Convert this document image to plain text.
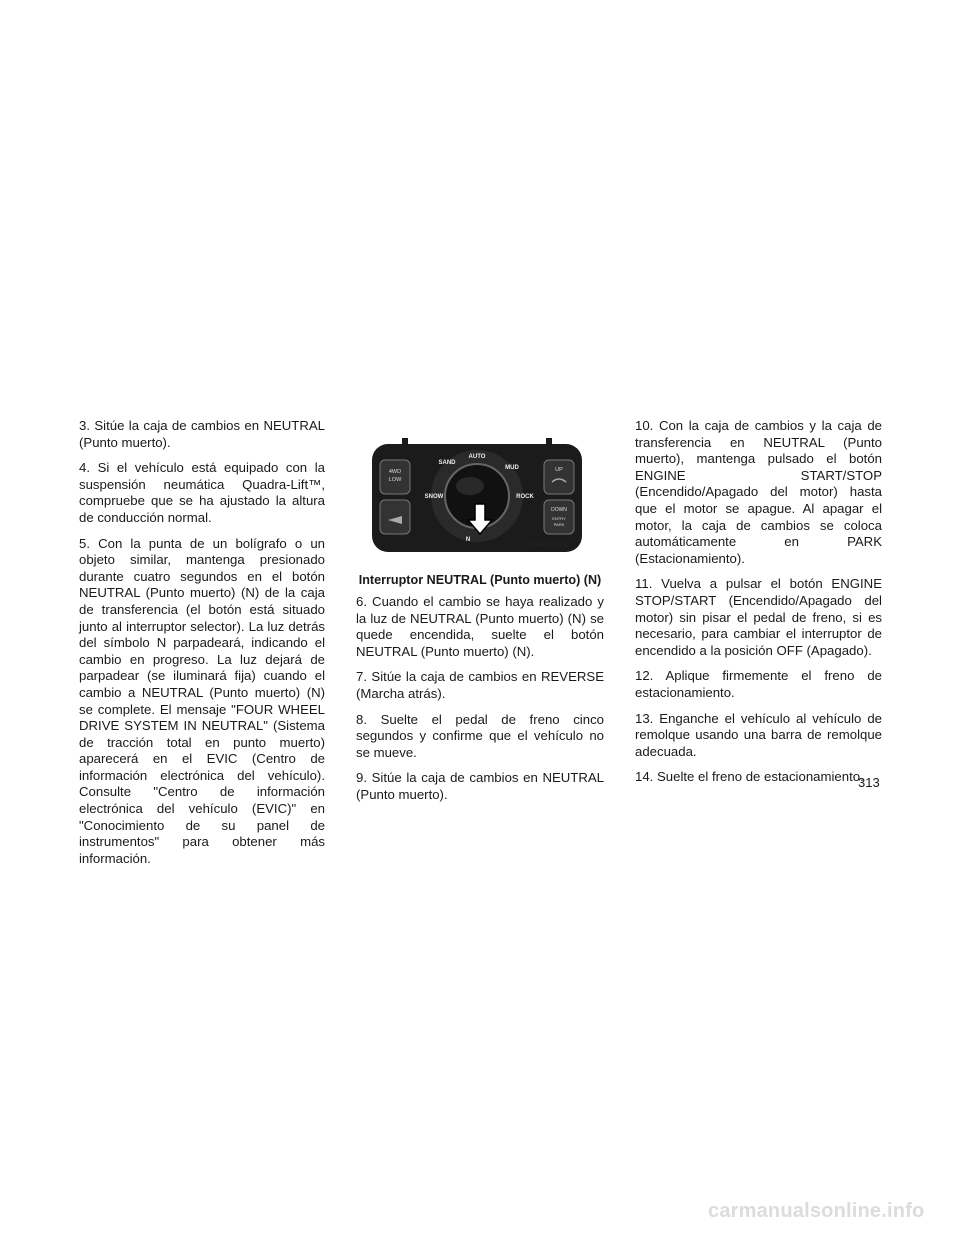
3. Sitúe la caja de cambios en NEUTRAL (Punto muerto).

4. Si el vehículo está equipado con la suspensión neumática Quadra-Lift™, compruebe que se ha ajustado la altura de conducción normal.

5. Con la punta de un bolígrafo o un objeto similar, mantenga presionado durante cuatro segundos en el botón NEUTRAL (Punto muerto) (N) de la caja de transferencia (el botón está situado junto al interruptor selector). La luz detrás del símbolo N parpadeará, indicando el cambio en progreso. La luz dejará de parpadear (se iluminará fija) cuando el cambio a NEUTRAL (Punto muerto) (N) se complete. El mensaje "FOUR WHEEL DRIVE SYSTEM IN NEUTRAL" (Sistema de tracción total en punto muerto) aparecerá en el EVIC (Centro de información electrónica del vehículo). Consulte "Centro de información electrónica del vehículo (EVIC)" en "Conocimiento de su panel de instrumentos" para obtener más información.

4WD
LOW
UP
DOWN
ENTRY
PARK
AUTO
SAND
MUD
SNOW	ROCK
N
0582003302
Interruptor NEUTRAL (Punto muerto) (N)

6. Cuando el cambio se haya realizado y la luz de NEUTRAL (Punto muerto) (N) se quede encendida, suelte el botón NEUTRAL (Punto muerto) (N).

7. Sitúe la caja de cambios en REVERSE (Marcha atrás).

8. Suelte el pedal de freno cinco segundos y confirme que el vehículo no se mueve.

9. Sitúe la caja de cambios en NEUTRAL (Punto muerto).

10. Con la caja de cambios y la caja de transferencia en NEUTRAL (Punto muerto), mantenga pulsado el botón ENGINE START/STOP (Encendido/Apagado del motor) hasta que el motor se apague. Al apagar el motor, la caja de cambios se coloca automáticamente en PARK (Estacionamiento).

11. Vuelva a pulsar el botón ENGINE STOP/START (Encendido/Apagado del motor) sin pisar el pedal de freno, si es necesario, para cambiar el interruptor de encendido a la posición OFF (Apagado).

12. Aplique firmemente el freno de estacionamiento.

13. Enganche el vehículo al vehículo de remolque usando una barra de remolque adecuada.

14. Suelte el freno de estacionamiento.

313
carmanualsonline.info
